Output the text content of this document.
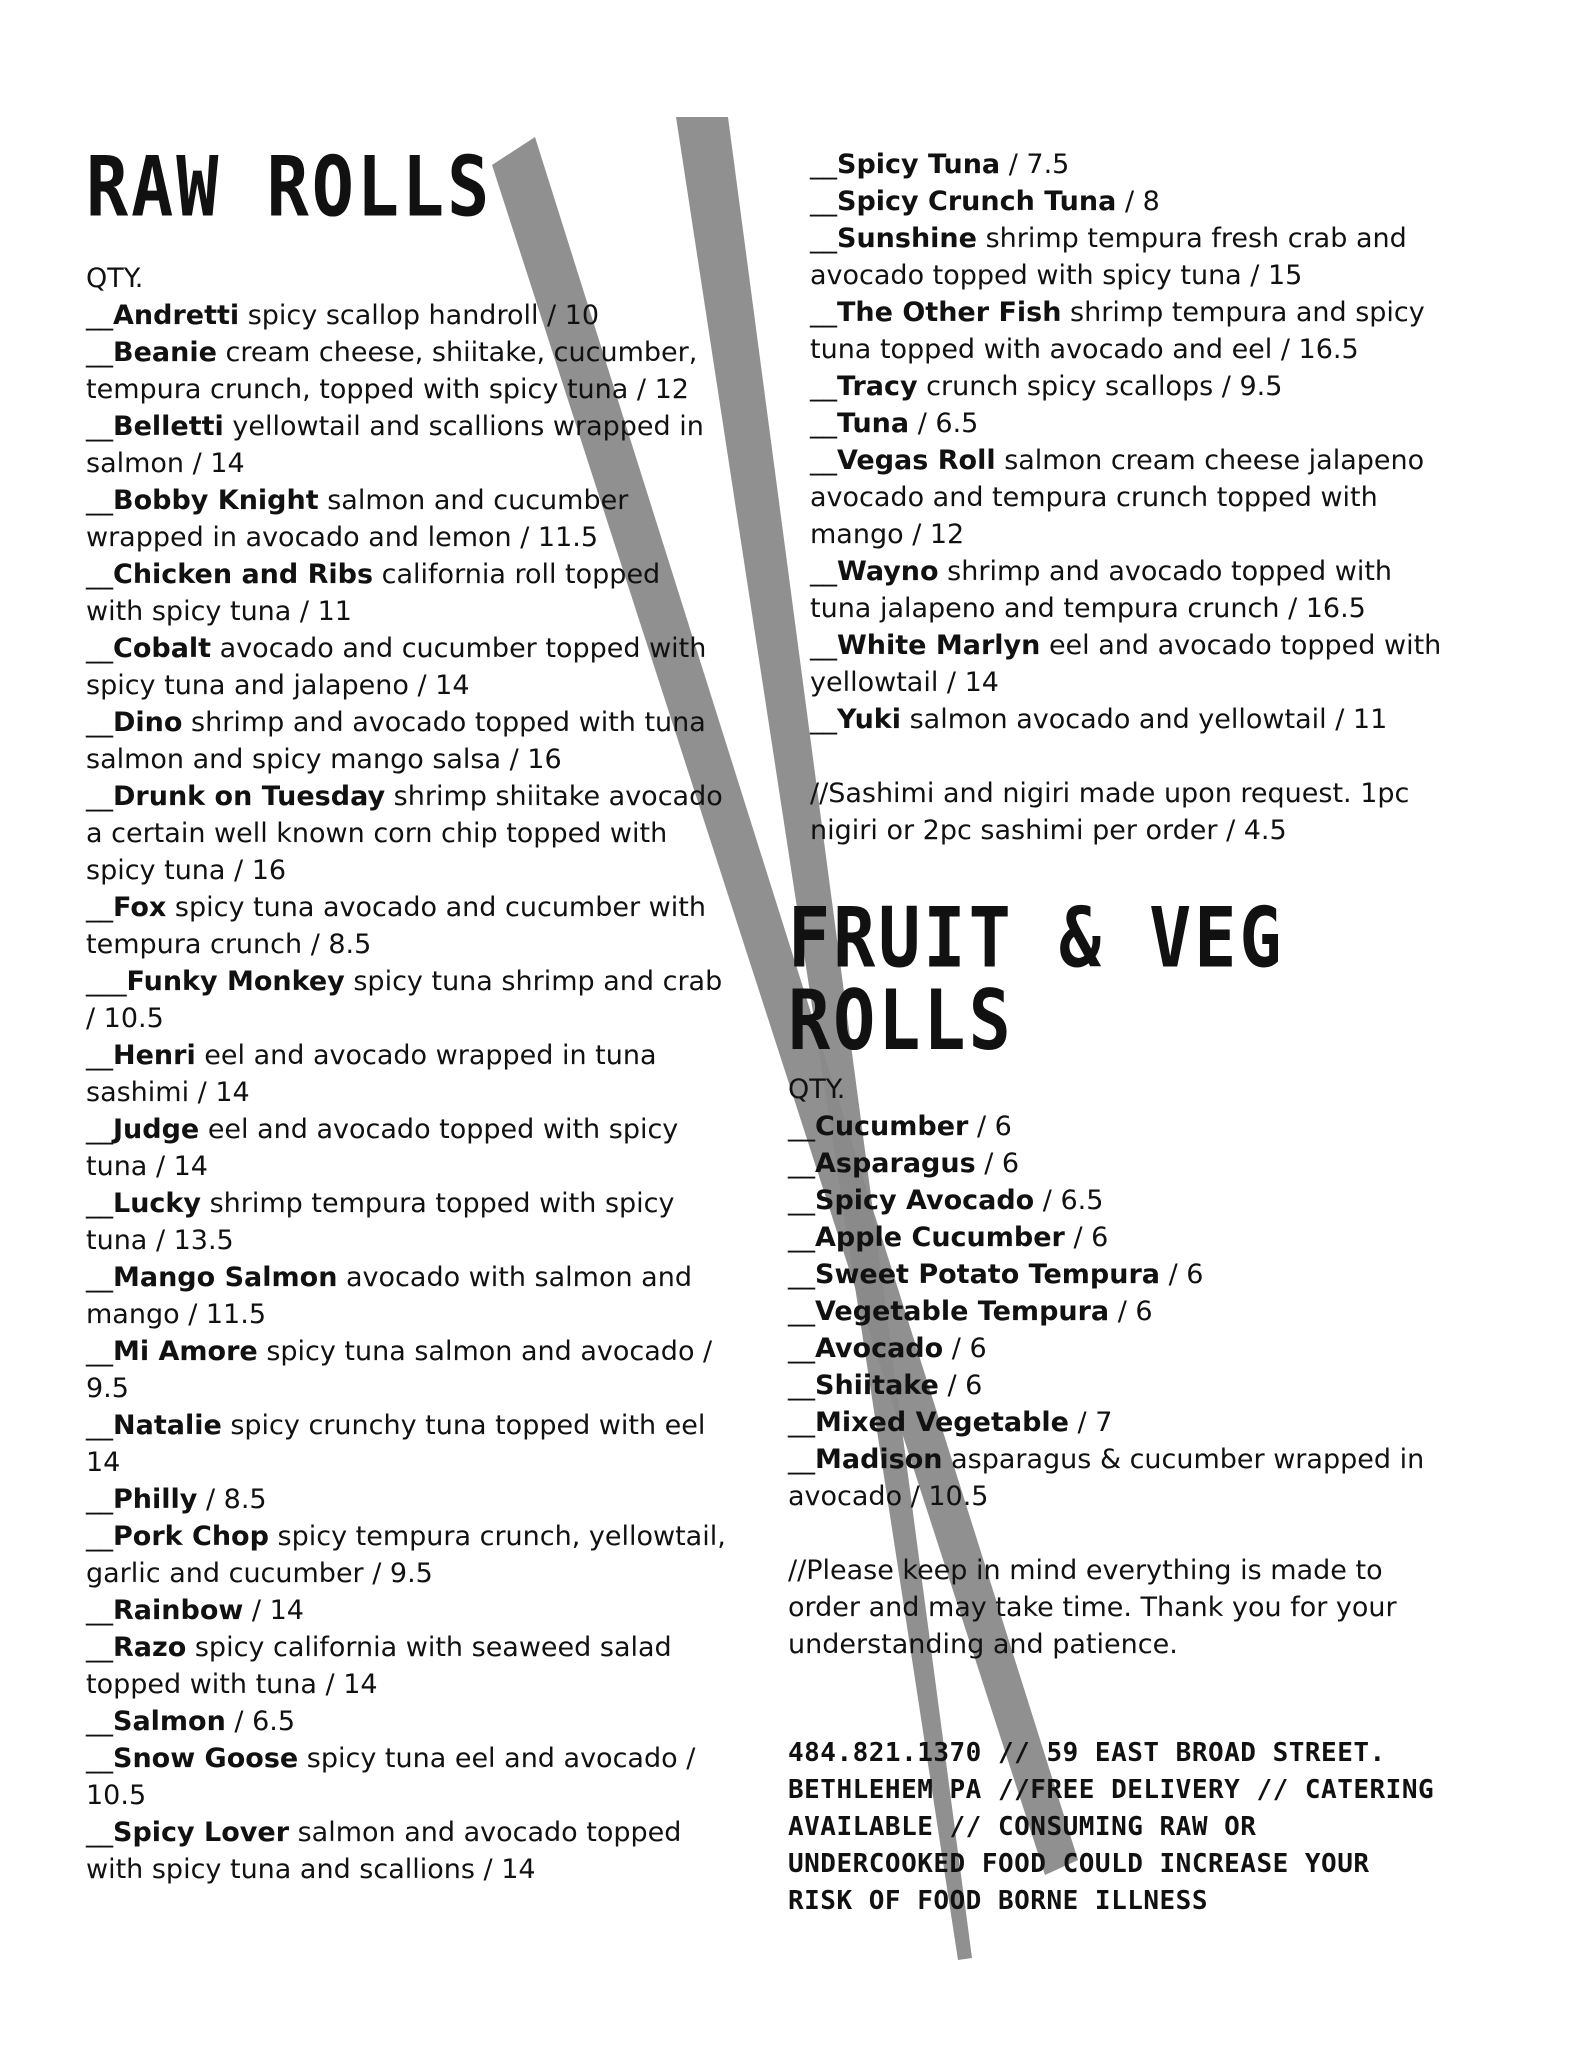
RAW ROLLS

QTY.

__Andretti spicy scallop handroll / 10
__Beanie cream cheese, shiitake, cucumber, tempura crunch, topped with spicy tuna / 12
__Belletti yellowtail and scallions wrapped in salmon / 14
__Bobby Knight salmon and cucumber wrapped in avocado and lemon / 11.5
__Chicken and Ribs california roll topped with spicy tuna / 11
__Cobalt avocado and cucumber topped with spicy tuna and jalapeno / 14
__Dino shrimp and avocado topped with tuna salmon and spicy mango salsa / 16
__Drunk on Tuesday shrimp shiitake avocado a certain well known corn chip topped with spicy tuna / 16
__Fox spicy tuna avocado and cucumber with tempura crunch / 8.5
___Funky Monkey spicy tuna shrimp and crab / 10.5
__Henri eel and avocado wrapped in tuna sashimi / 14
__Judge eel and avocado topped with spicy tuna / 14
__Lucky shrimp tempura topped with spicy tuna / 13.5
__Mango Salmon avocado with salmon and mango / 11.5
__Mi Amore spicy tuna salmon and avocado / 9.5
__Natalie spicy crunchy tuna topped with eel 14
__Philly / 8.5
__Pork Chop spicy tempura crunch, yellowtail, garlic and cucumber / 9.5
__Rainbow / 14
__Razo spicy california with seaweed salad topped with tuna / 14
__Salmon / 6.5
__Snow Goose spicy tuna eel and avocado / 10.5
__Spicy Lover salmon and avocado topped with spicy tuna and scallions / 14
__Spicy Tuna / 7.5
__Spicy Crunch Tuna / 8
__Sunshine shrimp tempura fresh crab and avocado topped with spicy tuna / 15
__The Other Fish shrimp tempura and spicy tuna topped with avocado and eel / 16.5
__Tracy crunch spicy scallops / 9.5
__Tuna / 6.5
__Vegas Roll salmon cream cheese jalapeno avocado and tempura crunch topped with mango / 12
__Wayno shrimp and avocado topped with tuna jalapeno and tempura crunch / 16.5
__White Marlyn eel and avocado topped with yellowtail / 14
__Yuki salmon avocado and yellowtail / 11

//Sashimi and nigiri made upon request. 1pc nigiri or 2pc sashimi per order / 4.5

FRUIT & VEG ROLLS

QTY.

__Cucumber / 6
__Asparagus / 6
__Spicy Avocado / 6.5
__Apple Cucumber / 6
__Sweet Potato Tempura / 6
__Vegetable Tempura / 6
__Avocado / 6
__Shiitake / 6
__Mixed Vegetable / 7
__Madison asparagus & cucumber wrapped in avocado / 10.5

//Please keep in mind everything is made to order and may take time. Thank you for your understanding and patience.

484.821.1370 // 59 EAST BROAD STREET. BETHLEHEM PA //FREE DELIVERY // CATERING AVAILABLE // CONSUMING RAW OR UNDERCOOKED FOOD COULD INCREASE YOUR RISK OF FOOD BORNE ILLNESS
